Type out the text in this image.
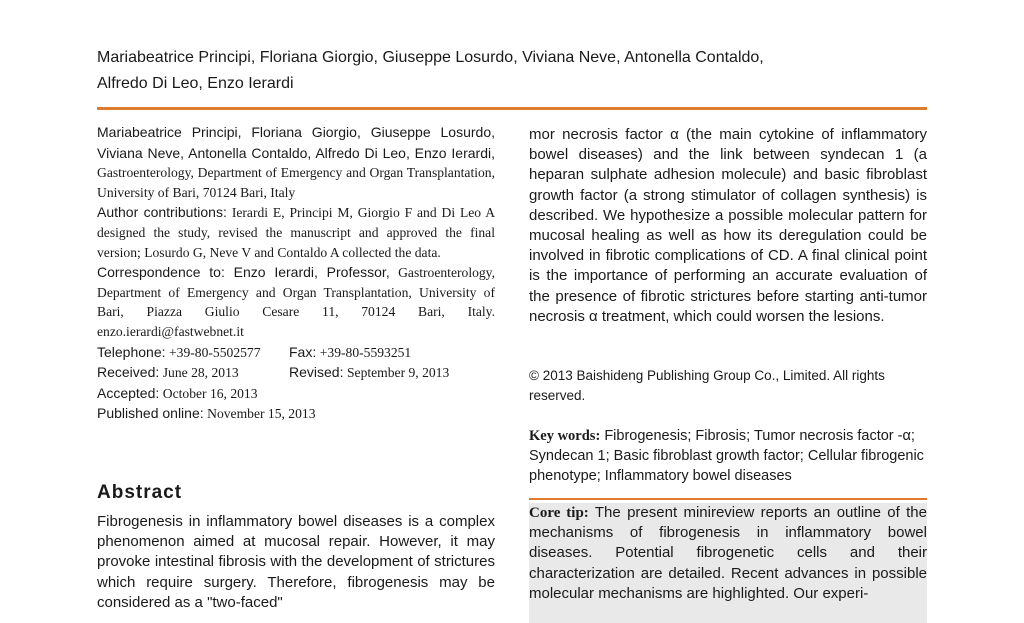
Mariabeatrice Principi, Floriana Giorgio, Giuseppe Losurdo, Viviana Neve, Antonella Contaldo,
Alfredo Di Leo, Enzo Ierardi

Mariabeatrice Principi, Floriana Giorgio, Giuseppe Losurdo, Viviana Neve, Antonella Contaldo, Alfredo Di Leo, Enzo Ierardi, Gastroenterology, Department of Emergency and Organ Transplantation, University of Bari, 70124 Bari, Italy

Author contributions: Ierardi E, Principi M, Giorgio F and Di Leo A designed the study, revised the manuscript and approved the final version; Losurdo G, Neve V and Contaldo A collected the data.

Correspondence to: Enzo Ierardi, Professor, Gastroenterology, Department of Emergency and Organ Transplantation, University of Bari, Piazza Giulio Cesare 11, 70124 Bari, Italy. enzo.ierardi@fastwebnet.it

Telephone: +39-80-5502577	Fax: +39-80-5593251
Received: June 28, 2013	Revised: September 9, 2013
Accepted: October 16, 2013
Published online: November 15, 2013
Abstract
Fibrogenesis in inflammatory bowel diseases is a complex phenomenon aimed at mucosal repair. However, it may provoke intestinal fibrosis with the development of strictures which require surgery. Therefore, fibrogenesis may be considered as a "two-faced"
mor necrosis factor α (the main cytokine of inflammatory bowel diseases) and the link between syndecan 1 (a heparan sulphate adhesion molecule) and basic fibroblast growth factor (a strong stimulator of collagen synthesis) is described. We hypothesize a possible molecular pattern for mucosal healing as well as how its deregulation could be involved in fibrotic complications of CD. A final clinical point is the importance of performing an accurate evaluation of the presence of fibrotic strictures before starting anti-tumor necrosis α treatment, which could worsen the lesions.
© 2013 Baishideng Publishing Group Co., Limited. All rights reserved.
Key words: Fibrogenesis; Fibrosis; Tumor necrosis factor -α; Syndecan 1; Basic fibroblast growth factor; Cellular fibrogenic phenotype; Inflammatory bowel diseases
Core tip: The present minireview reports an outline of the mechanisms of fibrogenesis in inflammatory bowel diseases. Potential fibrogenetic cells and their characterization are detailed. Recent advances in possible molecular mechanisms are highlighted. Our experi-
